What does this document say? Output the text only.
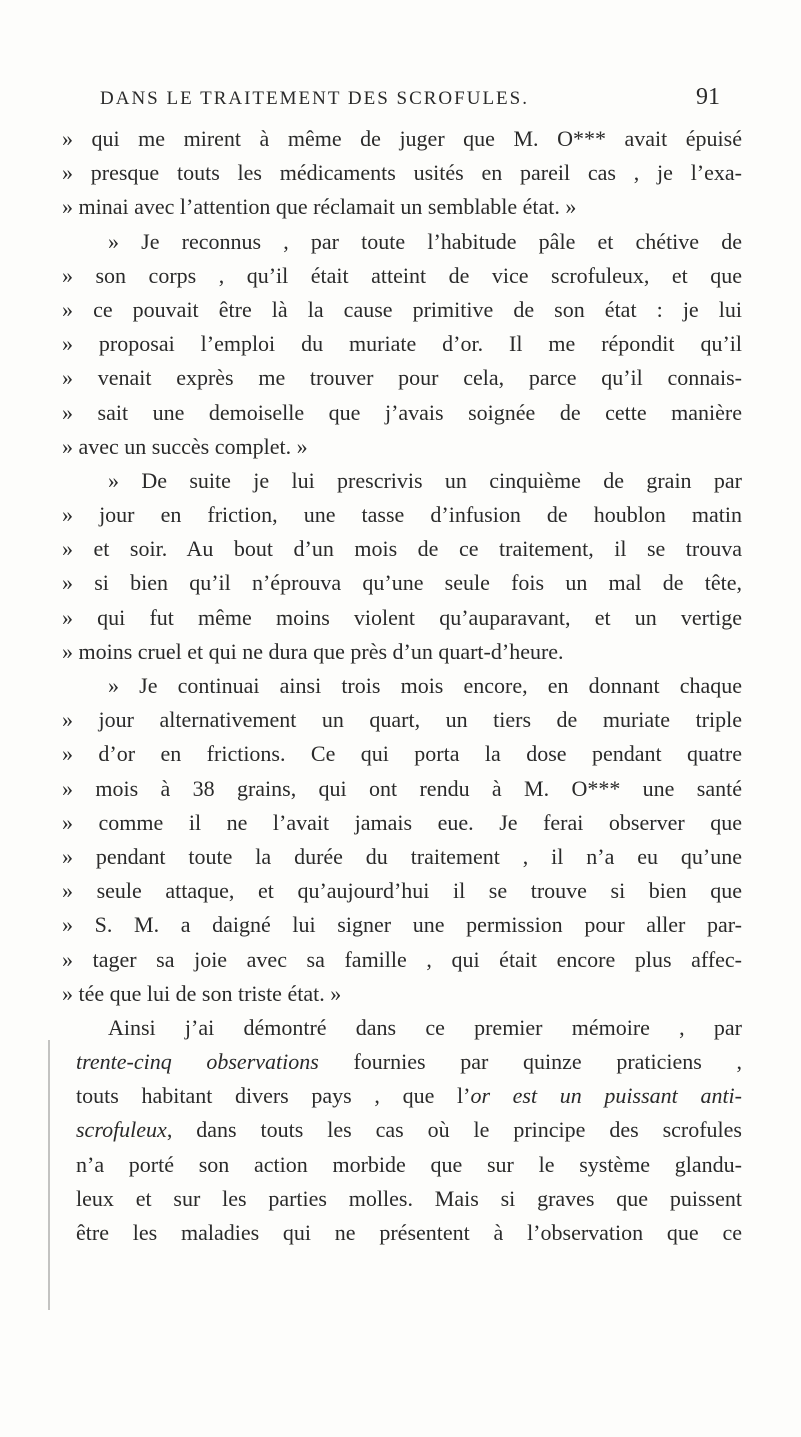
DANS LE TRAITEMENT DES SCROFULES.	91
» qui me mirent à même de juger que M. O*** avait épuisé
» presque touts les médicaments usités en pareil cas , je l’exa-
» minai avec l’attention que réclamait un semblable état. »
» Je reconnus , par toute l’habitude pâle et chétive de
» son corps , qu’il était atteint de vice scrofuleux, et que
» ce pouvait être là la cause primitive de son état : je lui
» proposai l’emploi du muriate d’or. Il me répondit qu’il
» venait exprès me trouver pour cela, parce qu’il connais-
» sait une demoiselle que j’avais soignée de cette manière
» avec un succès complet. »
» De suite je lui prescrivis un cinquième de grain par
» jour en friction, une tasse d’infusion de houblon matin
» et soir. Au bout d’un mois de ce traitement, il se trouva
» si bien qu’il n’éprouva qu’une seule fois un mal de tête,
» qui fut même moins violent qu’auparavant, et un vertige
» moins cruel et qui ne dura que près d’un quart-d’heure.
» Je continuai ainsi trois mois encore, en donnant chaque
» jour alternativement un quart, un tiers de muriate triple
» d’or en frictions. Ce qui porta la dose pendant quatre
» mois à 38 grains, qui ont rendu à M. O*** une santé
» comme il ne l’avait jamais eue. Je ferai observer que
» pendant toute la durée du traitement , il n’a eu qu’une
» seule attaque, et qu’aujourd’hui il se trouve si bien que
» S. M. a daigné lui signer une permission pour aller par-
» tager sa joie avec sa famille , qui était encore plus affec-
» tée que lui de son triste état. »
Ainsi j’ai démontré dans ce premier mémoire , par
trente-cinq observations fournies par quinze praticiens ,
touts habitant divers pays , que l’or est un puissant anti-
scrofuleux, dans touts les cas où le principe des scrofules
n’a porté son action morbide que sur le système glandu-
leux et sur les parties molles. Mais si graves que puissent
être les maladies qui ne présentent à l’observation que ce
